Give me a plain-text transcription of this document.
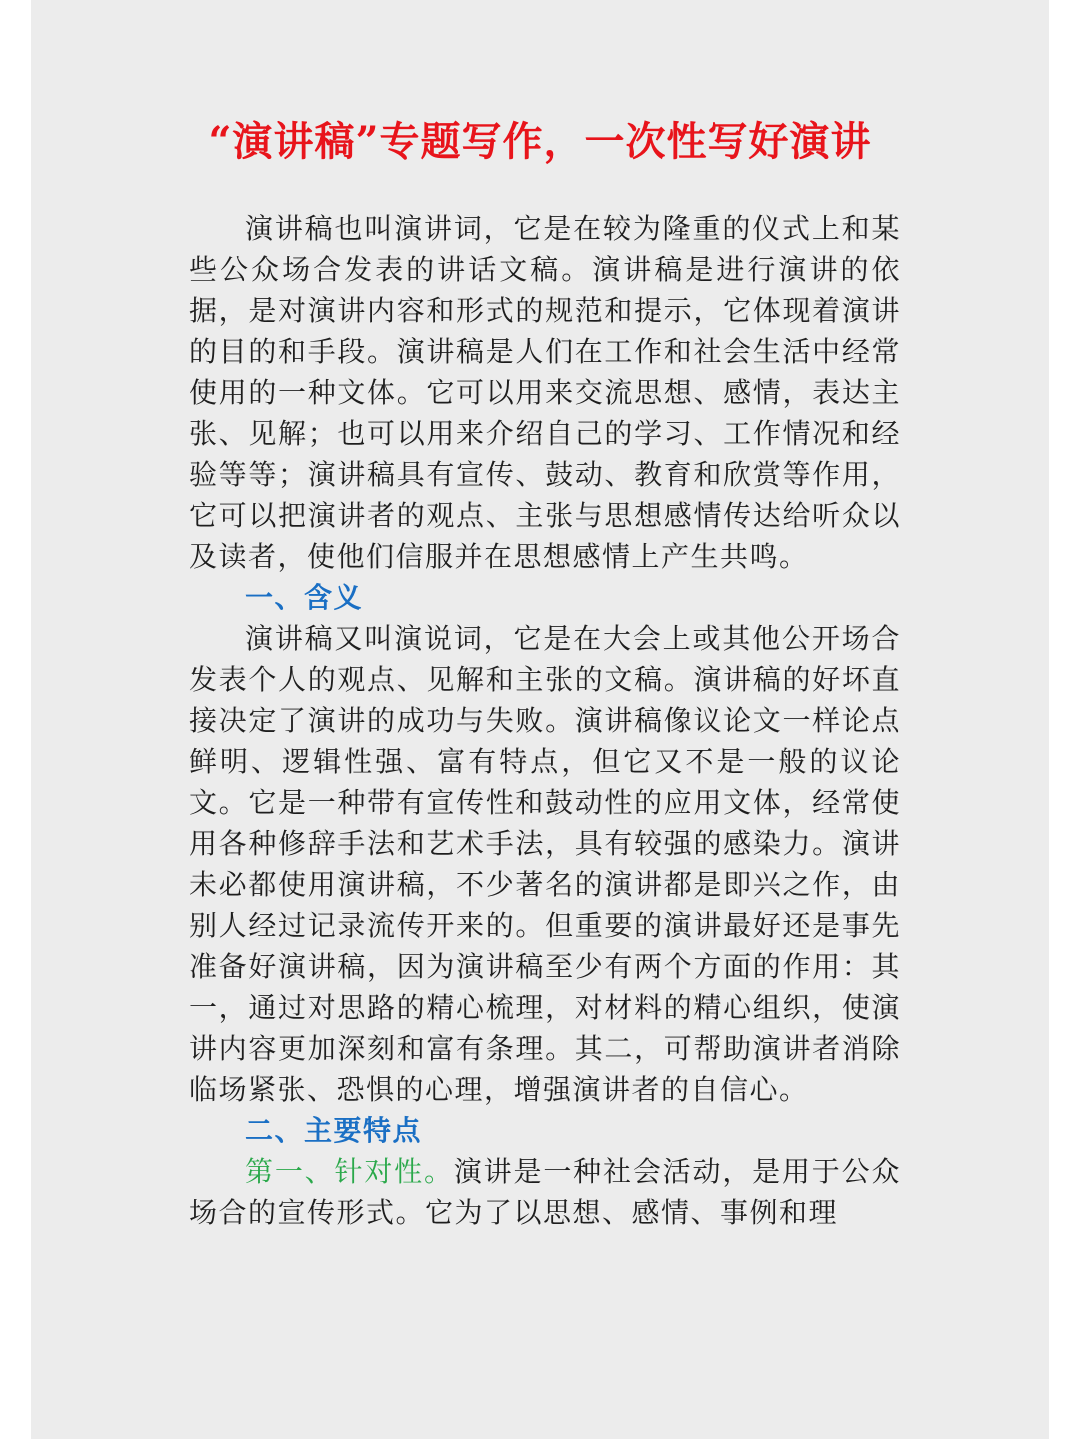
“演讲稿”专题写作，一次性写好演讲

演讲稿也叫演讲词，它是在较为隆重的仪式上和某些公众场合发表的讲话文稿。演讲稿是进行演讲的依据，是对演讲内容和形式的规范和提示，它体现着演讲的目的和手段。演讲稿是人们在工作和社会生活中经常使用的一种文体。它可以用来交流思想、感情，表达主张、见解；也可以用来介绍自己的学习、工作情况和经验等等；演讲稿具有宣传、鼓动、教育和欣赏等作用，它可以把演讲者的观点、主张与思想感情传达给听众以及读者，使他们信服并在思想感情上产生共鸣。

一、含义

演讲稿又叫演说词，它是在大会上或其他公开场合发表个人的观点、见解和主张的文稿。演讲稿的好坏直接决定了演讲的成功与失败。演讲稿像议论文一样论点鲜明、逻辑性强、富有特点，但它又不是一般的议论文。它是一种带有宣传性和鼓动性的应用文体，经常使用各种修辞手法和艺术手法，具有较强的感染力。演讲未必都使用演讲稿，不少著名的演讲都是即兴之作，由别人经过记录流传开来的。但重要的演讲最好还是事先准备好演讲稿，因为演讲稿至少有两个方面的作用：其一，通过对思路的精心梳理，对材料的精心组织，使演讲内容更加深刻和富有条理。其二，可帮助演讲者消除临场紧张、恐惧的心理，增强演讲者的自信心。

二、主要特点

第一、针对性。演讲是一种社会活动，是用于公众场合的宣传形式。它为了以思想、感情、事例和理
